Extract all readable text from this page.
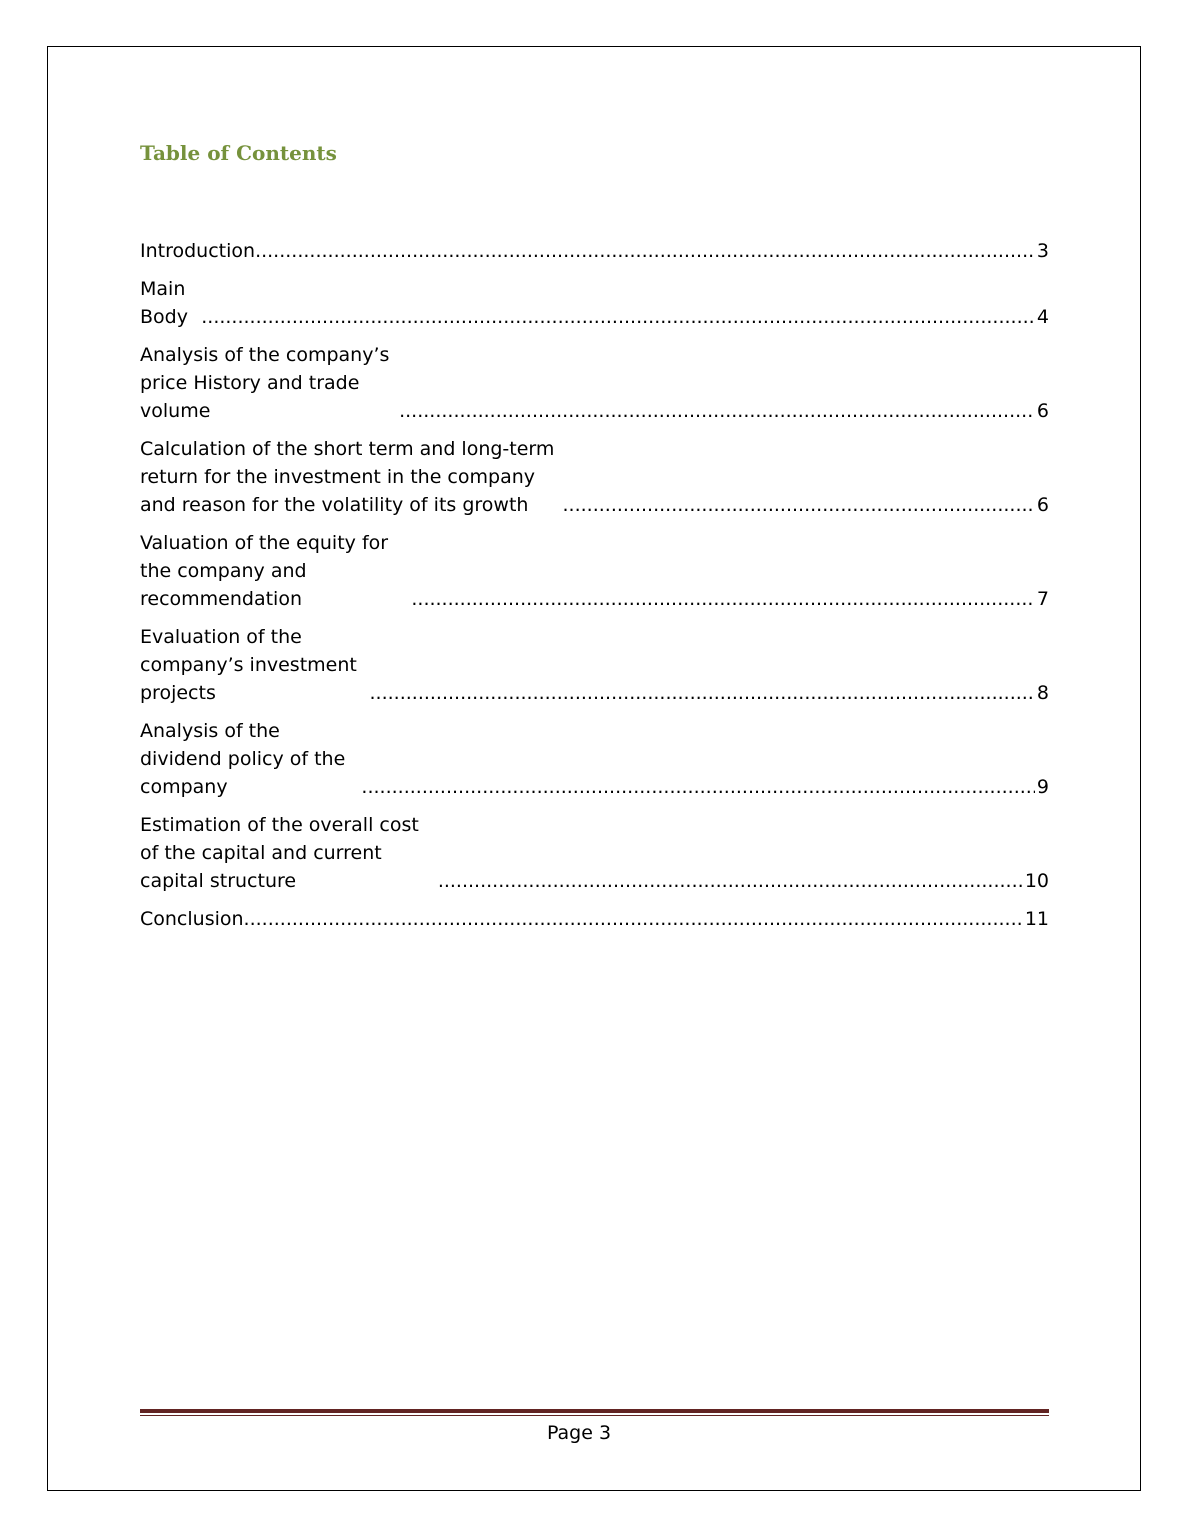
Table of Contents
Introduction .....	3
Main Body .....	4
Analysis of the company’s price History and trade volume .....	6
Calculation of the short term and long-term return for the investment in the company and reason for the volatility of its growth .....	6
Valuation of the equity for the company and recommendation .....	7
Evaluation of the company’s investment projects .....	8
Analysis of the dividend policy of the company .....	9
Estimation of the overall cost of the capital and current capital structure .....	10
Conclusion .....	11
Page 3
